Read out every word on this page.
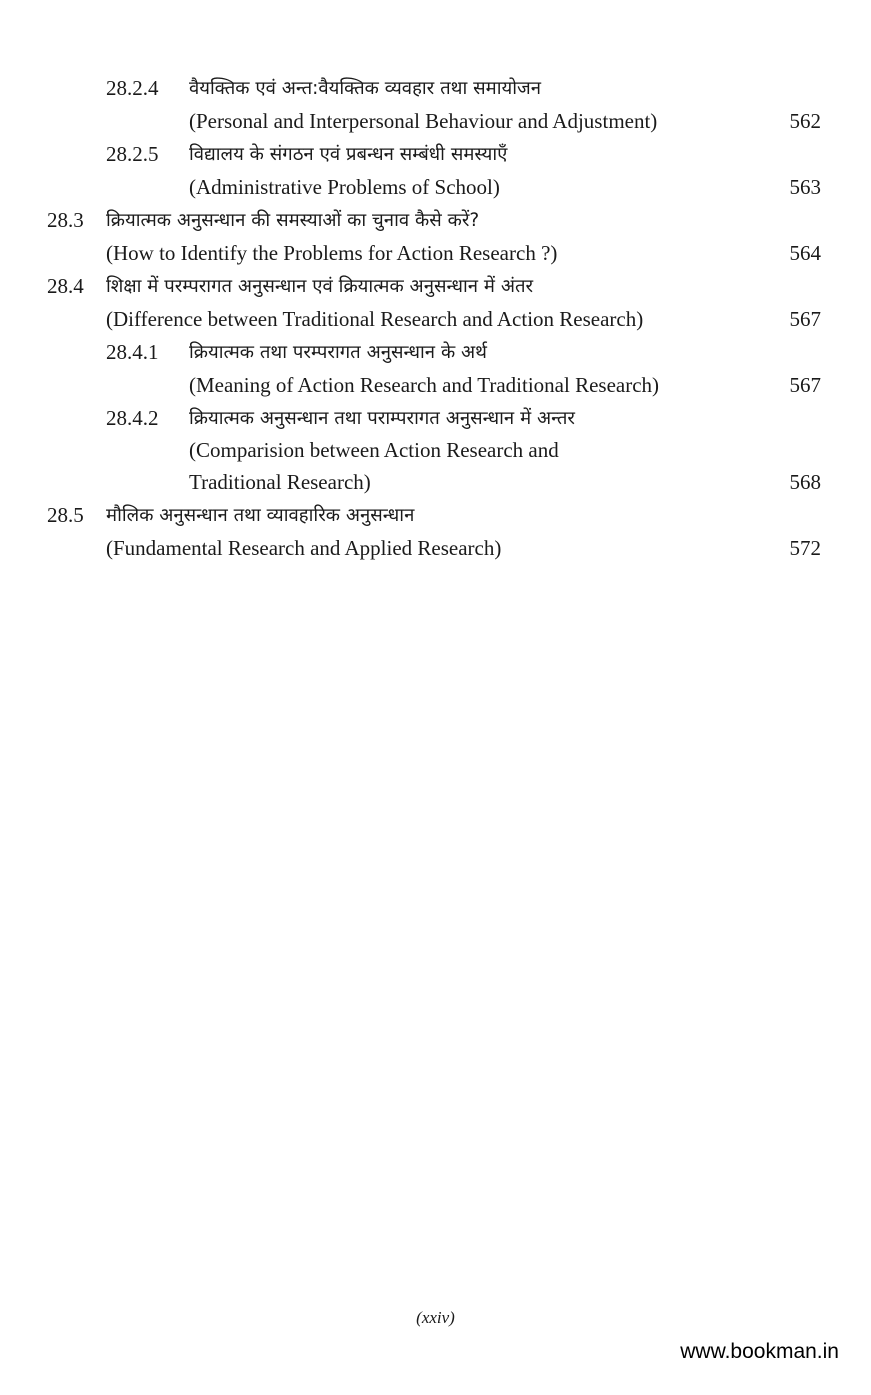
28.2.4 वैयक्तिक एवं अन्त:वैयक्तिक व्यवहार तथा समायोजन
(Personal and Interpersonal Behaviour and Adjustment)	562
28.2.5 विद्यालय के संगठन एवं प्रबन्धन सम्बंधी समस्याएँ
(Administrative Problems of School)	563
28.3 क्रियात्मक अनुसन्धान की समस्याओं का चुनाव कैसे करें?
(How to Identify the Problems for Action Research ?)	564
28.4 शिक्षा में परम्परागत अनुसन्धान एवं क्रियात्मक अनुसन्धान में अंतर
(Difference between Traditional Research and Action Research)	567
28.4.1 क्रियात्मक तथा परम्परागत अनुसन्धान के अर्थ
(Meaning of Action Research and Traditional Research)	567
28.4.2 क्रियात्मक अनुसन्धान तथा पराम्परागत अनुसन्धान में अन्तर
(Comparision between Action Research and
Traditional Research)	568
28.5 मौलिक अनुसन्धान तथा व्यावहारिक अनुसन्धान
(Fundamental Research and Applied Research)	572
(xxiv)
www.bookman.in
